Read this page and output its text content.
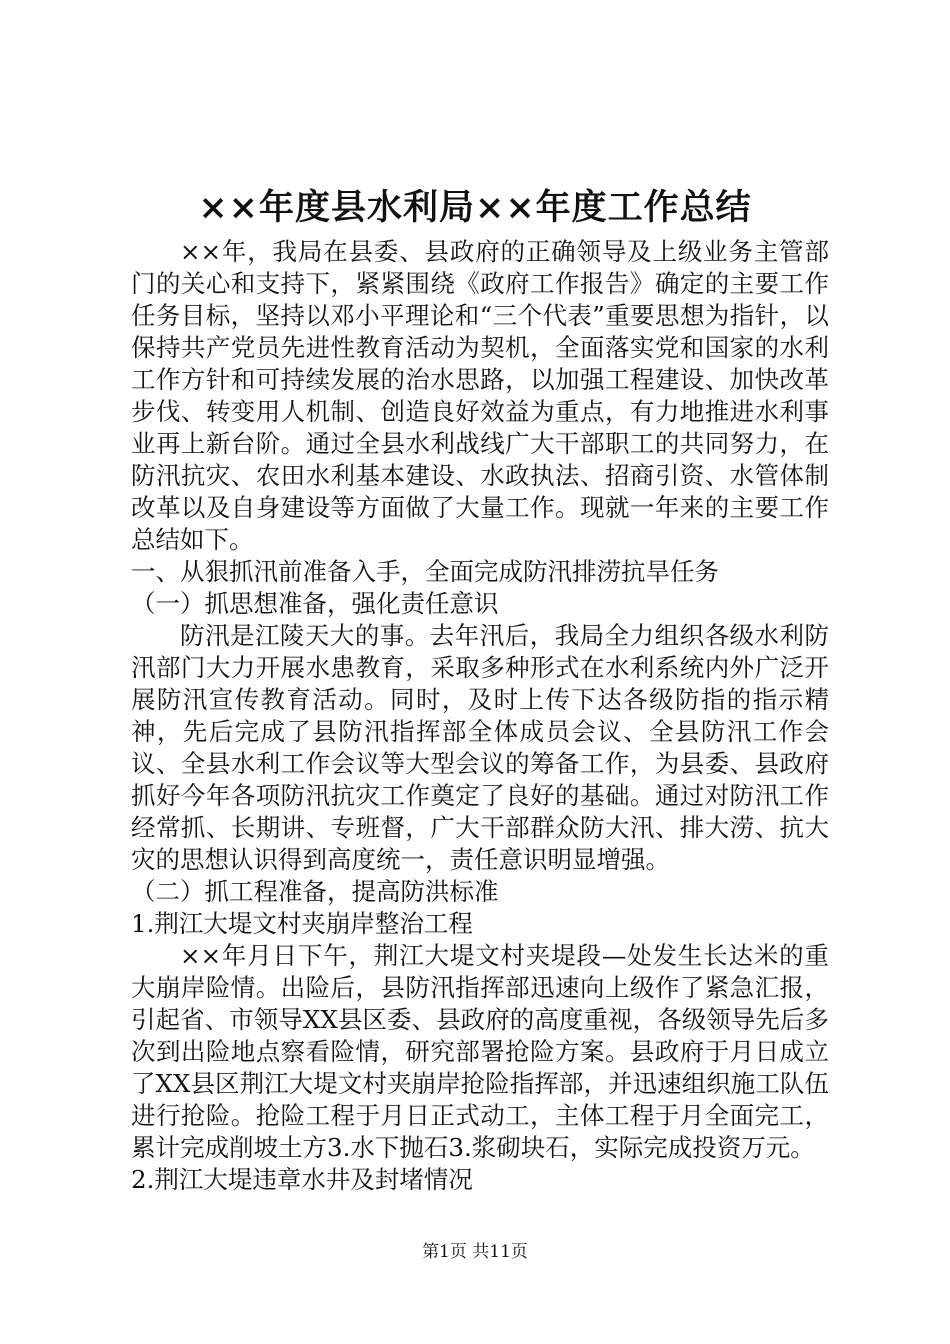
××年度县水利局××年度工作总结

××年，我局在县委、县政府的正确领导及上级业务主管部门的关心和支持下，紧紧围绕《政府工作报告》确定的主要工作任务目标，坚持以邓小平理论和“三个代表”重要思想为指针，以保持共产党员先进性教育活动为契机，全面落实党和国家的水利工作方针和可持续发展的治水思路，以加强工程建设、加快改革步伐、转变用人机制、创造良好效益为重点，有力地推进水利事业再上新台阶。通过全县水利战线广大干部职工的共同努力，在防汛抗灾、农田水利基本建设、水政执法、招商引资、水管体制改革以及自身建设等方面做了大量工作。现就一年来的主要工作总结如下。

一、从狠抓汛前准备入手，全面完成防汛排涝抗旱任务

（一）抓思想准备，强化责任意识

防汛是江陵天大的事。去年汛后，我局全力组织各级水利防汛部门大力开展水患教育，采取多种形式在水利系统内外广泛开展防汛宣传教育活动。同时，及时上传下达各级防指的指示精神，先后完成了县防汛指挥部全体成员会议、全县防汛工作会议、全县水利工作会议等大型会议的筹备工作，为县委、县政府抓好今年各项防汛抗灾工作奠定了良好的基础。通过对防汛工作经常抓、长期讲、专班督，广大干部群众防大汛、排大涝、抗大灾的思想认识得到高度统一，责任意识明显增强。

（二）抓工程准备，提高防洪标准

1.荆江大堤文村夹崩岸整治工程

××年月日下午，荆江大堤文村夹堤段—处发生长达米的重大崩岸险情。出险后，县防汛指挥部迅速向上级作了紧急汇报，引起省、市领导XX县区委、县政府的高度重视，各级领导先后多次到出险地点察看险情，研究部署抢险方案。县政府于月日成立了XX县区荆江大堤文村夹崩岸抢险指挥部，并迅速组织施工队伍进行抢险。抢险工程于月日正式动工，主体工程于月全面完工，累计完成削坡土方3.水下抛石3.浆砌块石，实际完成投资万元。

2.荆江大堤违章水井及封堵情况

第1页 共11页
